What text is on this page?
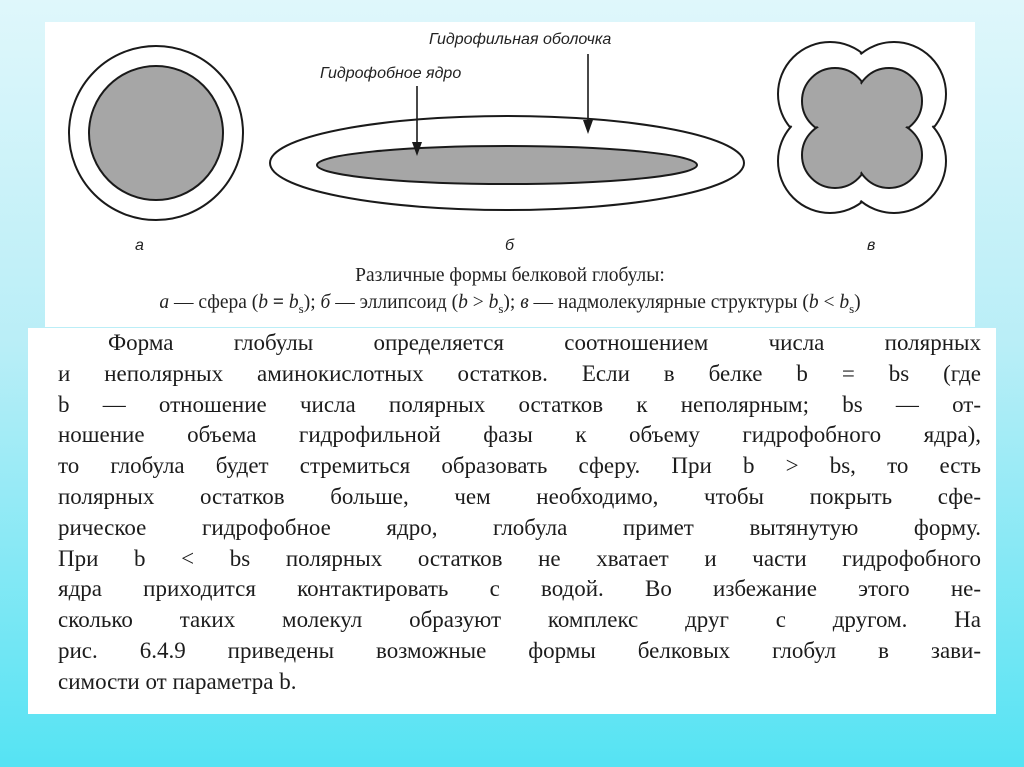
Гидрофильная оболочка
Гидрофобное ядро
а	б	в
Различные формы белковой глобулы:
а — сфера $(b = b_s)$; б — эллипсоид $(b > b_s)$; в — надмолекулярные структуры $(b < b_s)$
Форма глобулы определяется соотношением числа полярных
и неполярных аминокислотных остатков. Если в белке b = bs (где
b — отношение числа полярных остатков к неполярным; bs — от-
ношение объема гидрофильной фазы к объему гидрофобного ядра),
то глобула будет стремиться образовать сферу. При b > bs, то есть
полярных остатков больше, чем необходимо, чтобы покрыть сфе-
рическое гидрофобное ядро, глобула примет вытянутую форму.
При b < bs полярных остатков не хватает и части гидрофобного
ядра приходится контактировать с водой. Во избежание этого не-
сколько таких молекул образуют комплекс друг с другом. На
рис. 6.4.9 приведены возможные формы белковых глобул в зави-
симости от параметра b.
